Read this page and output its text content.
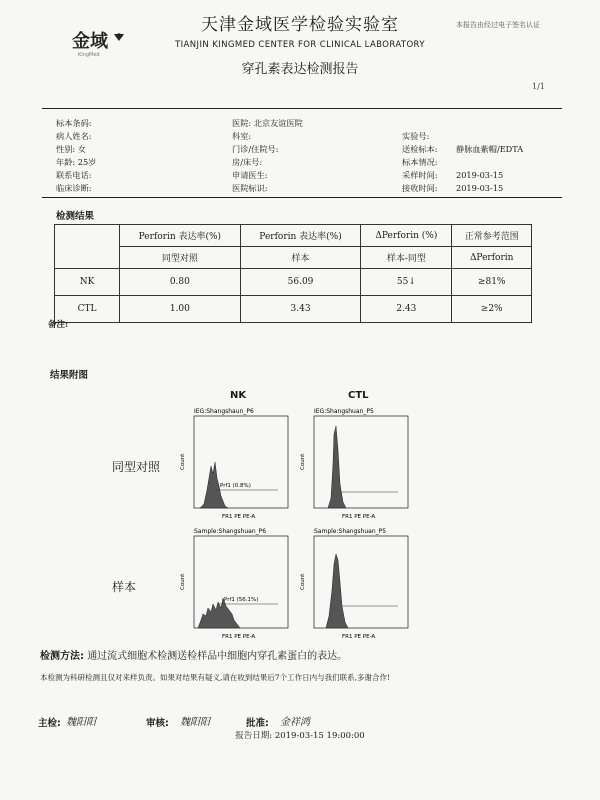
金域
KingMed
天津金域医学检验实验室
TIANJIN KINGMED CENTER FOR CLINICAL LABORATORY
穿孔素表达检测报告
本报告由经过电子签名认证
1/1
标本条码:
病人姓名:
性别: 女
年龄: 25岁
联系电话:
临床诊断:
医院: 北京友谊医院
科室:
门诊/住院号:
房/床号:
申请医生:
医院标识:
实验号:
送检标本: 静脉血紫帽/EDTA
标本情况:
采样时间: 2019-03-15
接收时间: 2019-03-15
检测结果
	Perforin 表达率(%)	Perforin 表达率(%)	ΔPerforin (%)	正常参考范围
	同型对照	样本	样本-同型	ΔPerforin
NK	0.80	56.09	55↓	≥81%
CTL	1.00	3.43	2.43	≥2%
备注:
结果附图
NK	CTL
同型对照
样本
IEG:Shangshaun_P6
Prf1 (0.8%)
FR1 PE PE-A
Count
IEG:Shangshuan_P5
FR1 PE PE-A
Count
Sample:Shangshuan_P6
Prf1 (56.1%)
FR1 PE PE-A
Count
Sample:Shangshuan_P5
FR1 PE PE-A
Count
检测方法: 通过流式细胞术检测送检样品中细胞内穿孔素蛋白的表达。
本检测为科研检测且仅对来样负责。如果对结果有疑义,请在收到结果后7个工作日内与我们联系,多谢合作!
主检: 魏阳阳	审核: 魏阳阳	批准: 金祥鸿
报告日期: 2019-03-15 19:00:00
